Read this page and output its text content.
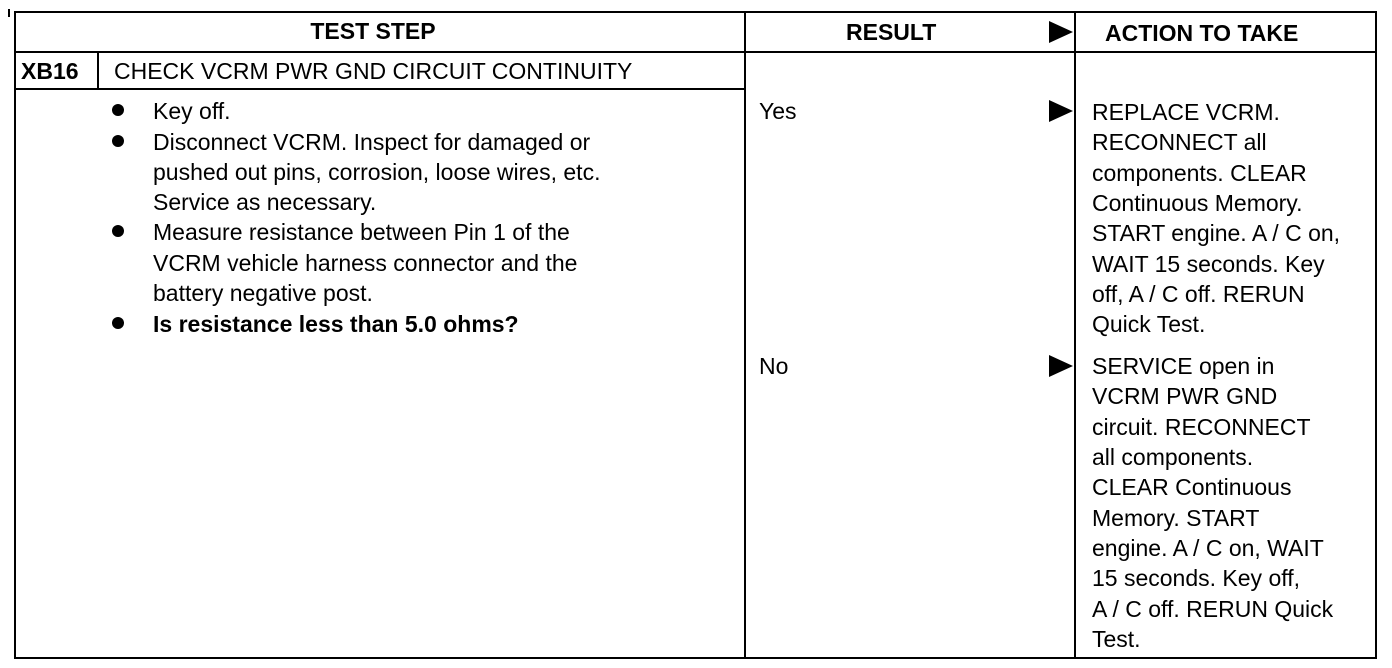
TEST STEP	RESULT	ACTION TO TAKE
XB16 CHECK VCRM PWR GND CIRCUIT CONTINUITY
Key off.
Disconnect VCRM. Inspect for damaged or
pushed out pins, corrosion, loose wires, etc.
Service as necessary.
Measure resistance between Pin 1 of the
VCRM vehicle harness connector and the
battery negative post.
Is resistance less than 5.0 ohms?
Yes	REPLACE VCRM.
RECONNECT all
components. CLEAR
Continuous Memory.
START engine. A / C on,
WAIT 15 seconds. Key
off, A / C off. RERUN
Quick Test.
No	SERVICE open in
VCRM PWR GND
circuit. RECONNECT
all components.
CLEAR Continuous
Memory. START
engine. A / C on, WAIT
15 seconds. Key off,
A / C off. RERUN Quick
Test.
